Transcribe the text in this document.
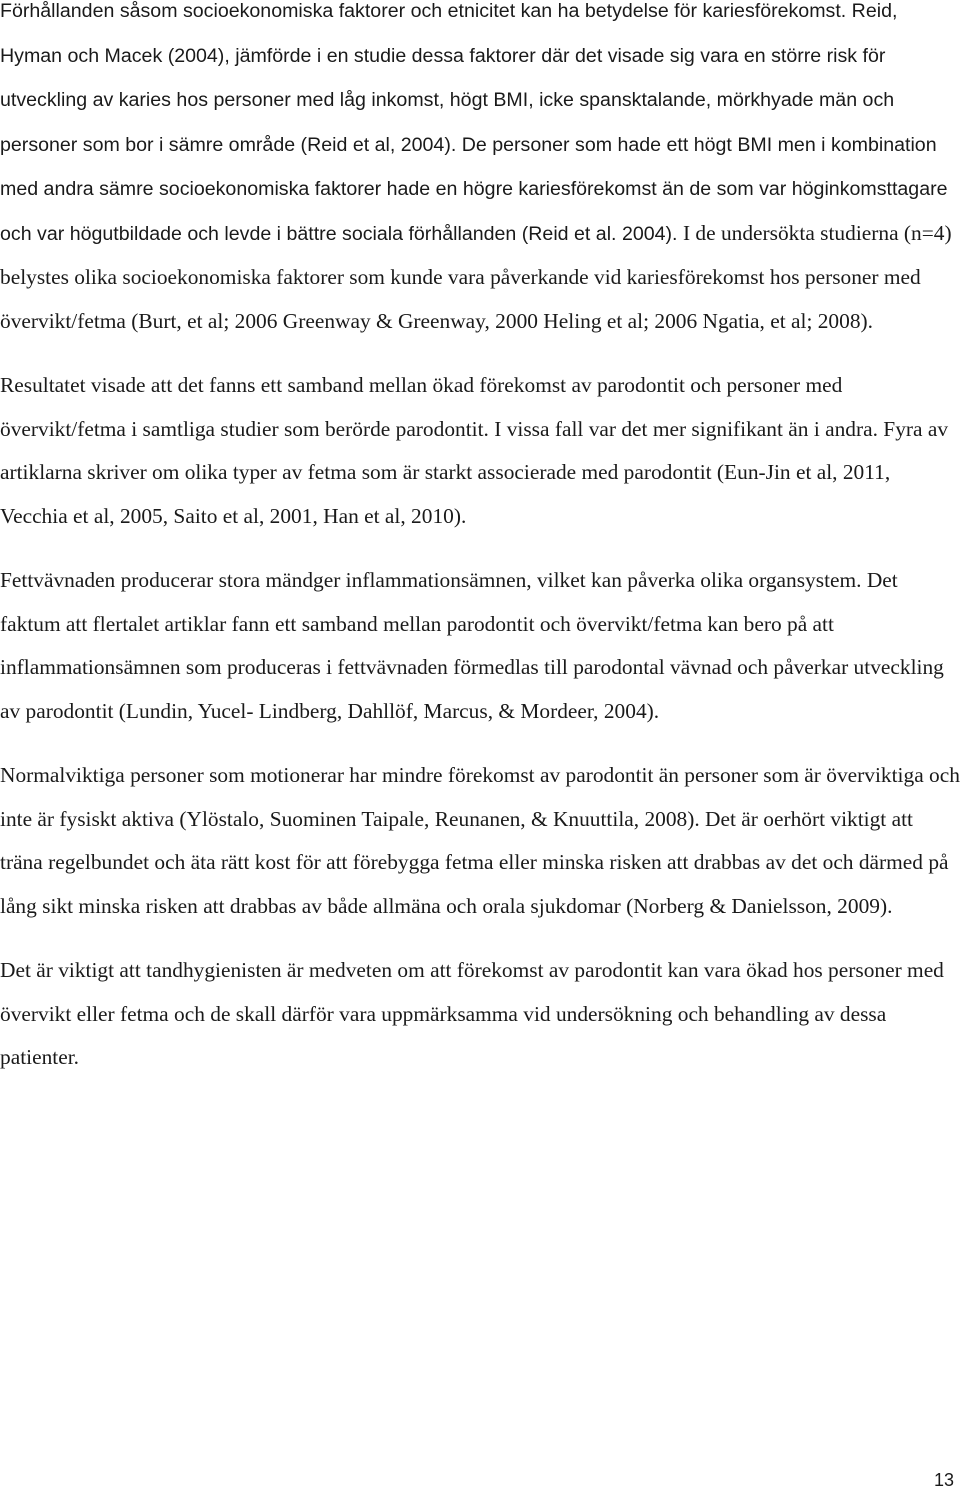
Förhållanden såsom socioekonomiska faktorer och etnicitet kan ha betydelse för kariesförekomst. Reid, Hyman och Macek (2004), jämförde i en studie dessa faktorer där det visade sig vara en större risk för utveckling av karies hos personer med låg inkomst, högt BMI, icke spansktalande, mörkhyade män och personer som bor i sämre område (Reid et al, 2004). De personer som hade ett högt BMI men i kombination med andra sämre socioekonomiska faktorer hade en högre kariesförekomst än de som var höginkomsttagare och var högutbildade och levde i bättre sociala förhållanden (Reid et al. 2004). I de undersökta studierna (n=4) belystes olika socioekonomiska faktorer som kunde vara påverkande vid kariesförekomst hos personer med övervikt/fetma (Burt, et al; 2006 Greenway & Greenway, 2000 Heling et al; 2006 Ngatia, et al; 2008).

Resultatet visade att det fanns ett samband mellan ökad förekomst av parodontit och personer med övervikt/fetma i samtliga studier som berörde parodontit. I vissa fall var det mer signifikant än i andra. Fyra av artiklarna skriver om olika typer av fetma som är starkt associerade med parodontit (Eun-Jin et al, 2011, Vecchia et al, 2005, Saito et al, 2001, Han et al, 2010).

Fettvävnaden producerar stora mändger inflammationsämnen, vilket kan påverka olika organsystem. Det faktum att flertalet artiklar fann ett samband mellan parodontit och övervikt/fetma kan bero på att inflammationsämnen som produceras i fettvävnaden förmedlas till parodontal vävnad och påverkar utveckling av parodontit (Lundin, Yucel- Lindberg, Dahllöf, Marcus, & Mordeer, 2004).

Normalviktiga personer som motionerar har mindre förekomst av parodontit än personer som är överviktiga och inte är fysiskt aktiva (Ylöstalo, Suominen Taipale, Reunanen, & Knuuttila, 2008). Det är oerhört viktigt att träna regelbundet och äta rätt kost för att förebygga fetma eller minska risken att drabbas av det och därmed på lång sikt minska risken att drabbas av både allmäna och orala sjukdomar (Norberg & Danielsson, 2009).

Det är viktigt att tandhygienisten är medveten om att förekomst av parodontit kan vara ökad hos personer med övervikt eller fetma och de skall därför vara uppmärksamma vid undersökning och behandling av dessa patienter.

13
